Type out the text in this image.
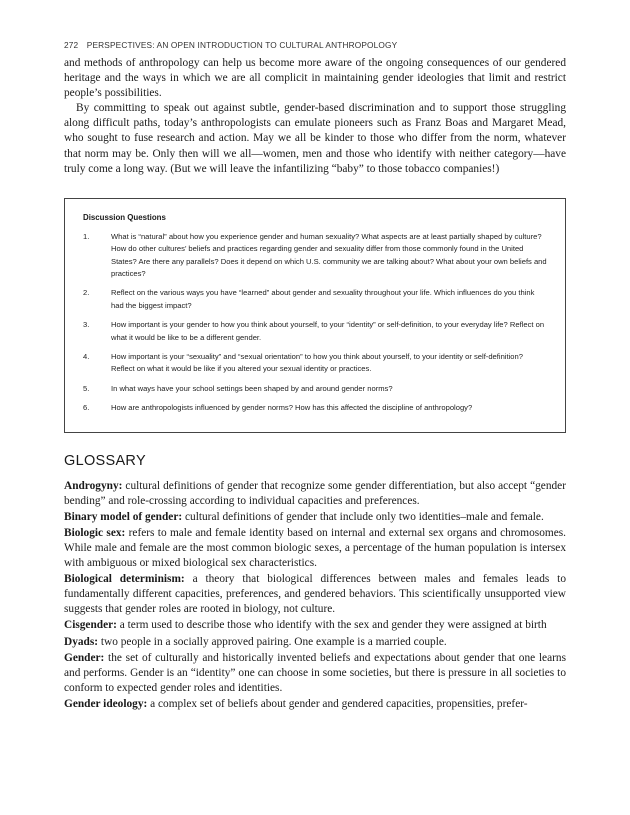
272 PERSPECTIVES: AN OPEN INTRODUCTION TO CULTURAL ANTHROPOLOGY

and methods of anthropology can help us become more aware of the ongoing consequences of our gendered heritage and the ways in which we are all complicit in maintaining gender ideologies that limit and restrict people’s possibilities.

By committing to speak out against subtle, gender-based discrimination and to support those struggling along difficult paths, today’s anthropologists can emulate pioneers such as Franz Boas and Margaret Mead, who sought to fuse research and action. May we all be kinder to those who differ from the norm, whatever that norm may be. Only then will we all—women, men and those who identify with neither category—have truly come a long way. (But we will leave the infantilizing “baby” to those tobacco companies!)

Discussion Questions
1.	What is “natural” about how you experience gender and human sexuality? What aspects are at least partially shaped by culture? How do other cultures’ beliefs and practices regarding gender and sexuality differ from those commonly found in the United States? Are there any parallels? Does it depend on which U.S. community we are talking about? What about your own beliefs and practices?
2.	Reflect on the various ways you have “learned” about gender and sexuality throughout your life. Which influences do you think had the biggest impact?
3.	How important is your gender to how you think about yourself, to your “identity” or self-definition, to your everyday life? Reflect on what it would be like to be a different gender.
4.	How important is your “sexuality” and “sexual orientation” to how you think about yourself, to your identity or self-definition? Reflect on what it would be like if you altered your sexual identity or practices.
5.	In what ways have your school settings been shaped by and around gender norms?
6.	How are anthropologists influenced by gender norms? How has this affected the discipline of anthropology?
GLOSSARY

Androgyny: cultural definitions of gender that recognize some gender differentiation, but also accept “gender bending” and role-crossing according to individual capacities and preferences.

Binary model of gender: cultural definitions of gender that include only two identities–male and female.

Biologic sex: refers to male and female identity based on internal and external sex organs and chromosomes. While male and female are the most common biologic sexes, a percentage of the human population is intersex with ambiguous or mixed biological sex characteristics.

Biological determinism: a theory that biological differences between males and females leads to fundamentally different capacities, preferences, and gendered behaviors. This scientifically unsupported view suggests that gender roles are rooted in biology, not culture.

Cisgender: a term used to describe those who identify with the sex and gender they were assigned at birth

Dyads: two people in a socially approved pairing. One example is a married couple.

Gender: the set of culturally and historically invented beliefs and expectations about gender that one learns and performs. Gender is an “identity” one can choose in some societies, but there is pressure in all societies to conform to expected gender roles and identities.

Gender ideology: a complex set of beliefs about gender and gendered capacities, propensities, prefer-
